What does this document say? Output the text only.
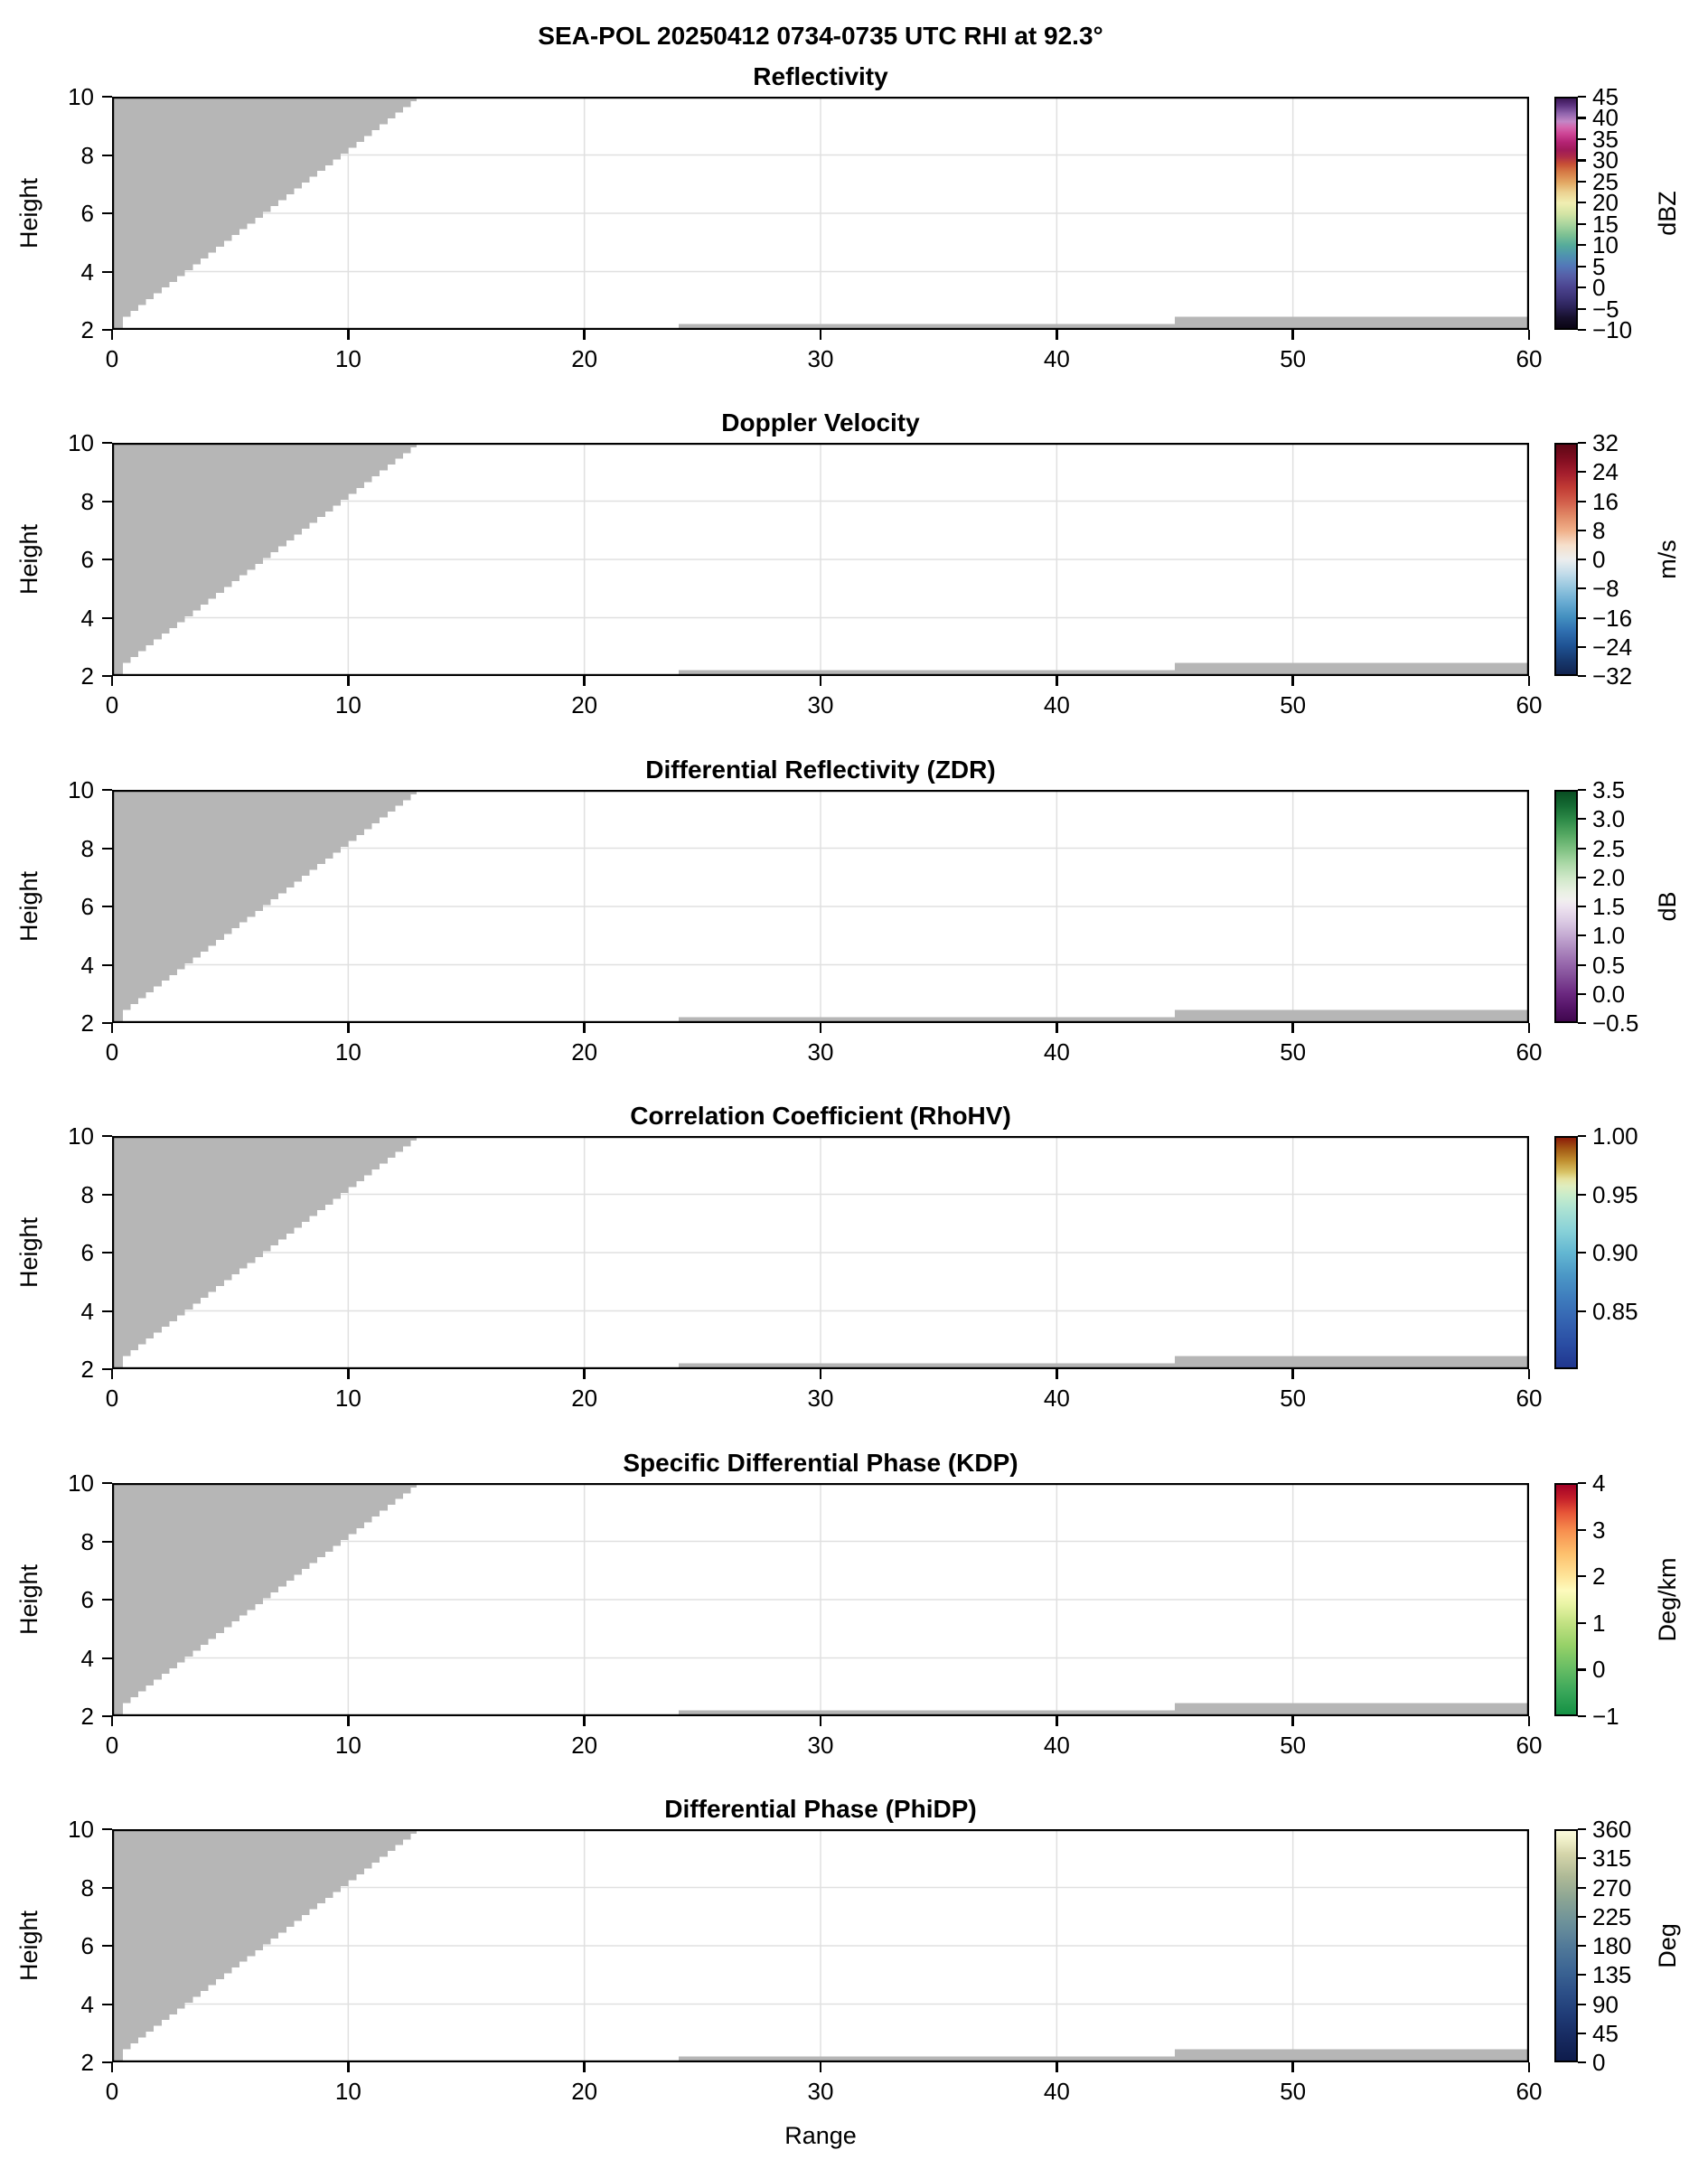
SEA-POL 20250412 0734-0735 UTC RHI at 92.3°
Reflectivity
10
8
6
4
2
0	10	20	30	40	50	60
Height
45
40
35
30
25
20
15
10
5
0
−5
−10
dBZ
Doppler Velocity
10
8
6
4
2
0	10	20	30	40	50	60
Height
32
24
16
8
0
−8
−16
−24
−32
m/s
Differential Reflectivity (ZDR)
10
8
6
4
2
0	10	20	30	40	50	60
Height
3.5
3.0
2.5
2.0
1.5
1.0
0.5
0.0
−0.5
dB
Correlation Coefficient (RhoHV)
10
8
6
4
2
0	10	20	30	40	50	60
Height
1.00
0.95
0.90
0.85
Specific Differential Phase (KDP)
10
8
6
4
2
0	10	20	30	40	50	60
Height
4
3
2
1
0
−1
Deg/km
Differential Phase (PhiDP)
10
8
6
4
2
0	10	20	30	40	50	60
Height
360
315
270
225
180
135
90
45
0
Deg
Range
